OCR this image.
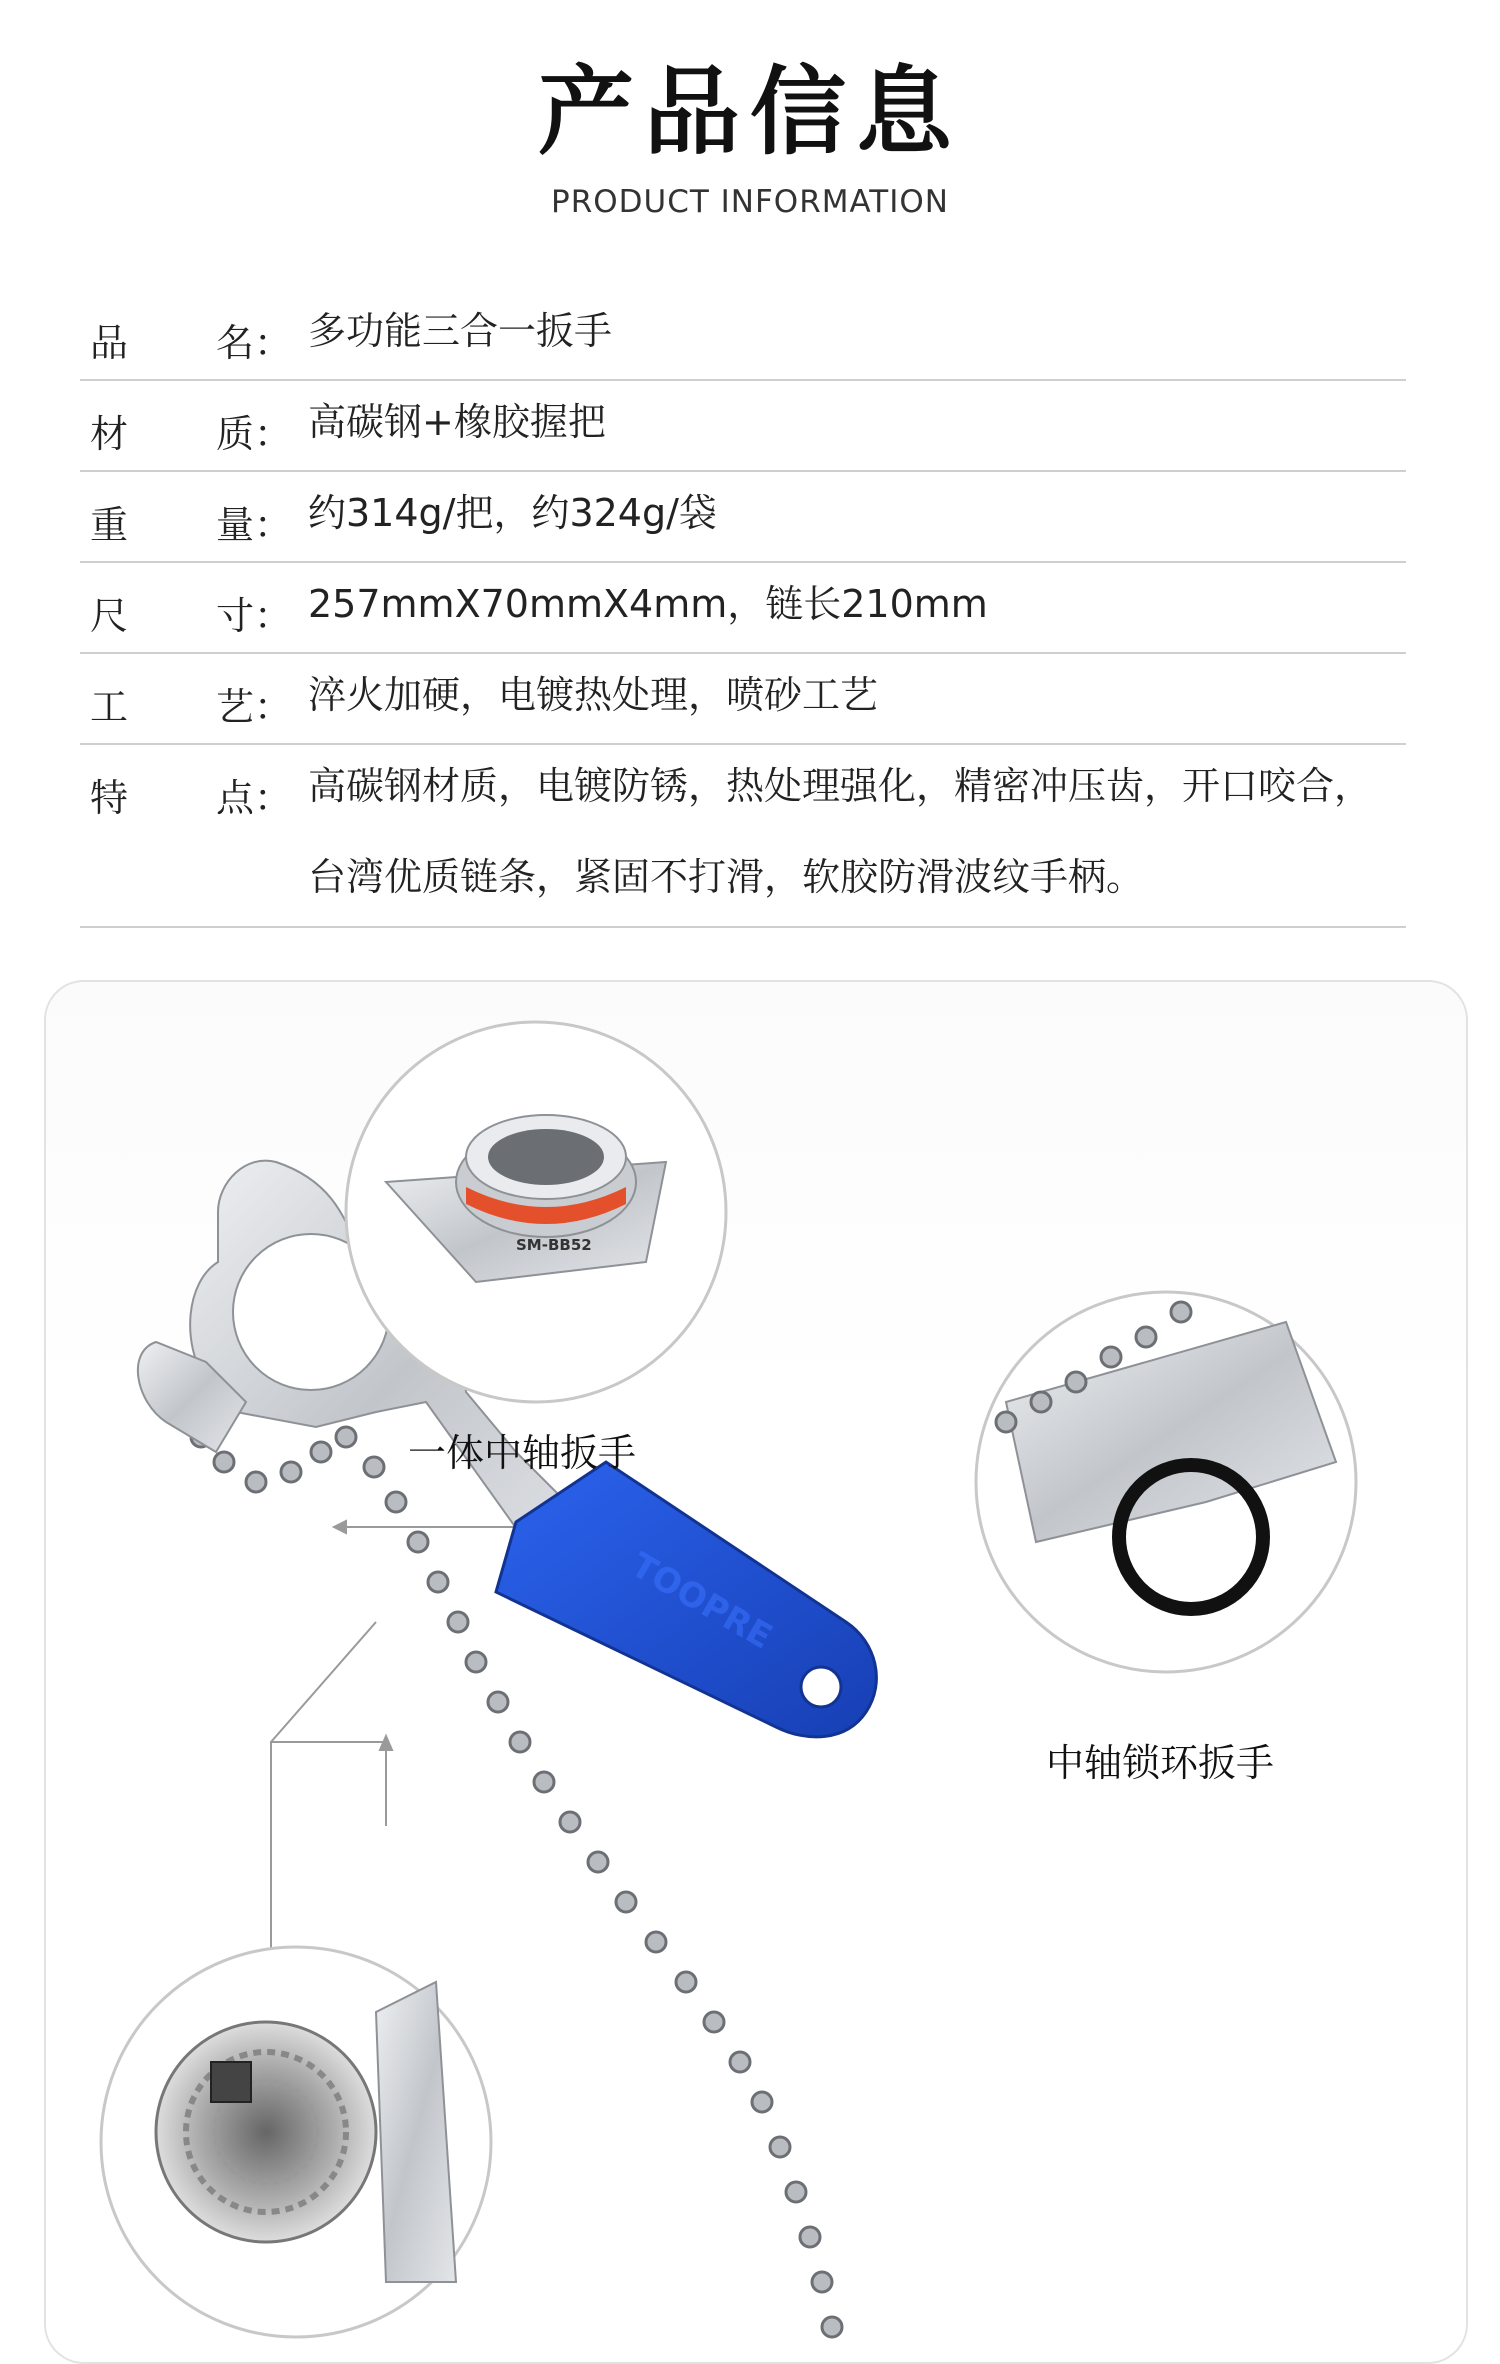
产品信息
PRODUCT INFORMATION
品 名： 多功能三合一扳手
材 质： 高碳钢+橡胶握把
重 量： 约314g/把，约324g/袋
尺 寸： 257mmX70mmX4mm，链长210mm
工 艺： 淬火加硬，电镀热处理，喷砂工艺
特 点： 高碳钢材质，电镀防锈，热处理强化，精密冲压齿，开口咬合，台湾优质链条，紧固不打滑，软胶防滑波纹手柄。
TOOPRE
SM-BB52
一体中轴扳手
中轴锁环扳手
